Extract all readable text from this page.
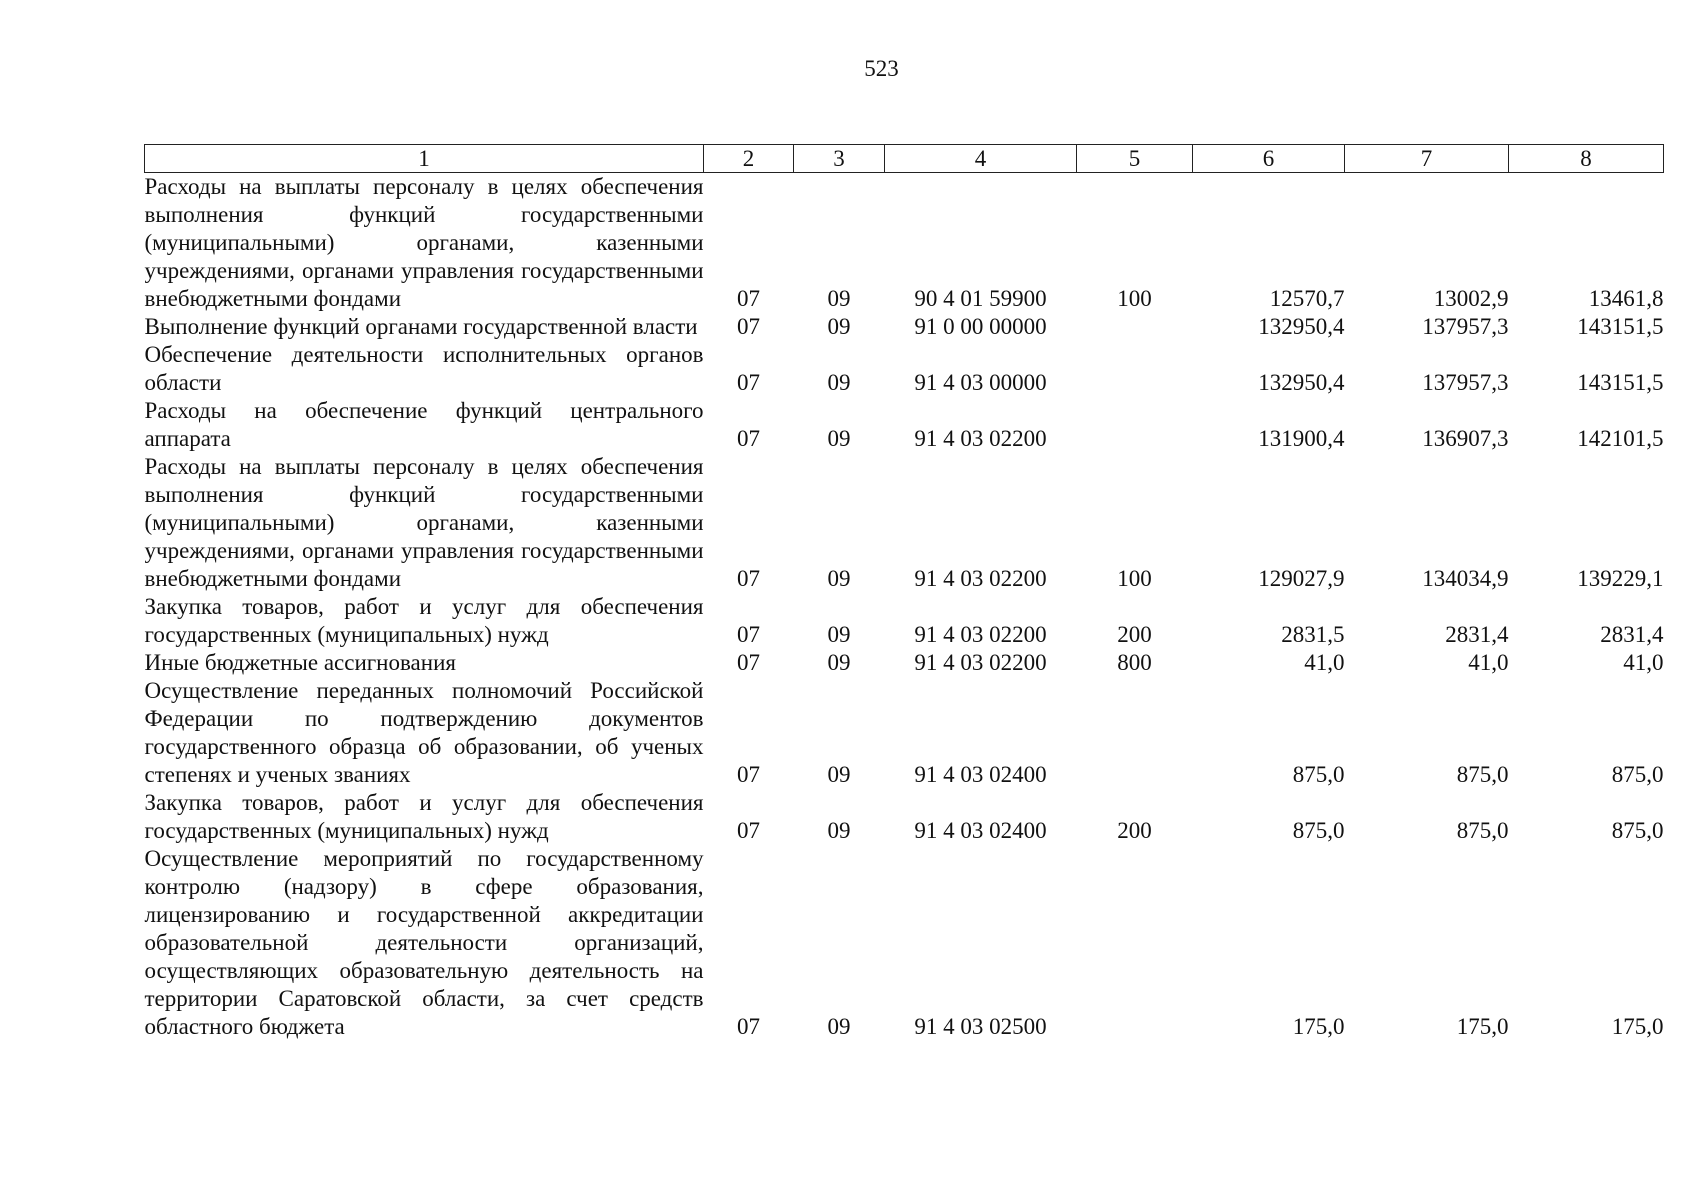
523
1	2	3	4	5	6	7	8
Расходы на выплаты персоналу в целях обеспечения выполнения функций государственными (муниципальными) органами, казенными учреждениями, органами управления государственными внебюджетными фондами	07	09	90 4 01 59900	100	12570,7	13002,9	13461,8
Выполнение функций органами государственной власти	07	09	91 0 00 00000		132950,4	137957,3	143151,5
Обеспечение деятельности исполнительных органов области	07	09	91 4 03 00000		132950,4	137957,3	143151,5
Расходы на обеспечение функций центрального аппарата	07	09	91 4 03 02200		131900,4	136907,3	142101,5
Расходы на выплаты персоналу в целях обеспечения выполнения функций государственными (муниципальными) органами, казенными учреждениями, органами управления государственными внебюджетными фондами	07	09	91 4 03 02200	100	129027,9	134034,9	139229,1
Закупка товаров, работ и услуг для обеспечения государственных (муниципальных) нужд	07	09	91 4 03 02200	200	2831,5	2831,4	2831,4
Иные бюджетные ассигнования	07	09	91 4 03 02200	800	41,0	41,0	41,0
Осуществление переданных полномочий Российской Федерации по подтверждению документов государственного образца об образовании, об ученых степенях и ученых званиях	07	09	91 4 03 02400		875,0	875,0	875,0
Закупка товаров, работ и услуг для обеспечения государственных (муниципальных) нужд	07	09	91 4 03 02400	200	875,0	875,0	875,0
Осуществление мероприятий по государственному контролю (надзору) в сфере образования, лицензированию и государственной аккредитации образовательной деятельности организаций, осуществляющих образовательную деятельность на территории Саратовской области, за счет средств областного бюджета	07	09	91 4 03 02500		175,0	175,0	175,0
